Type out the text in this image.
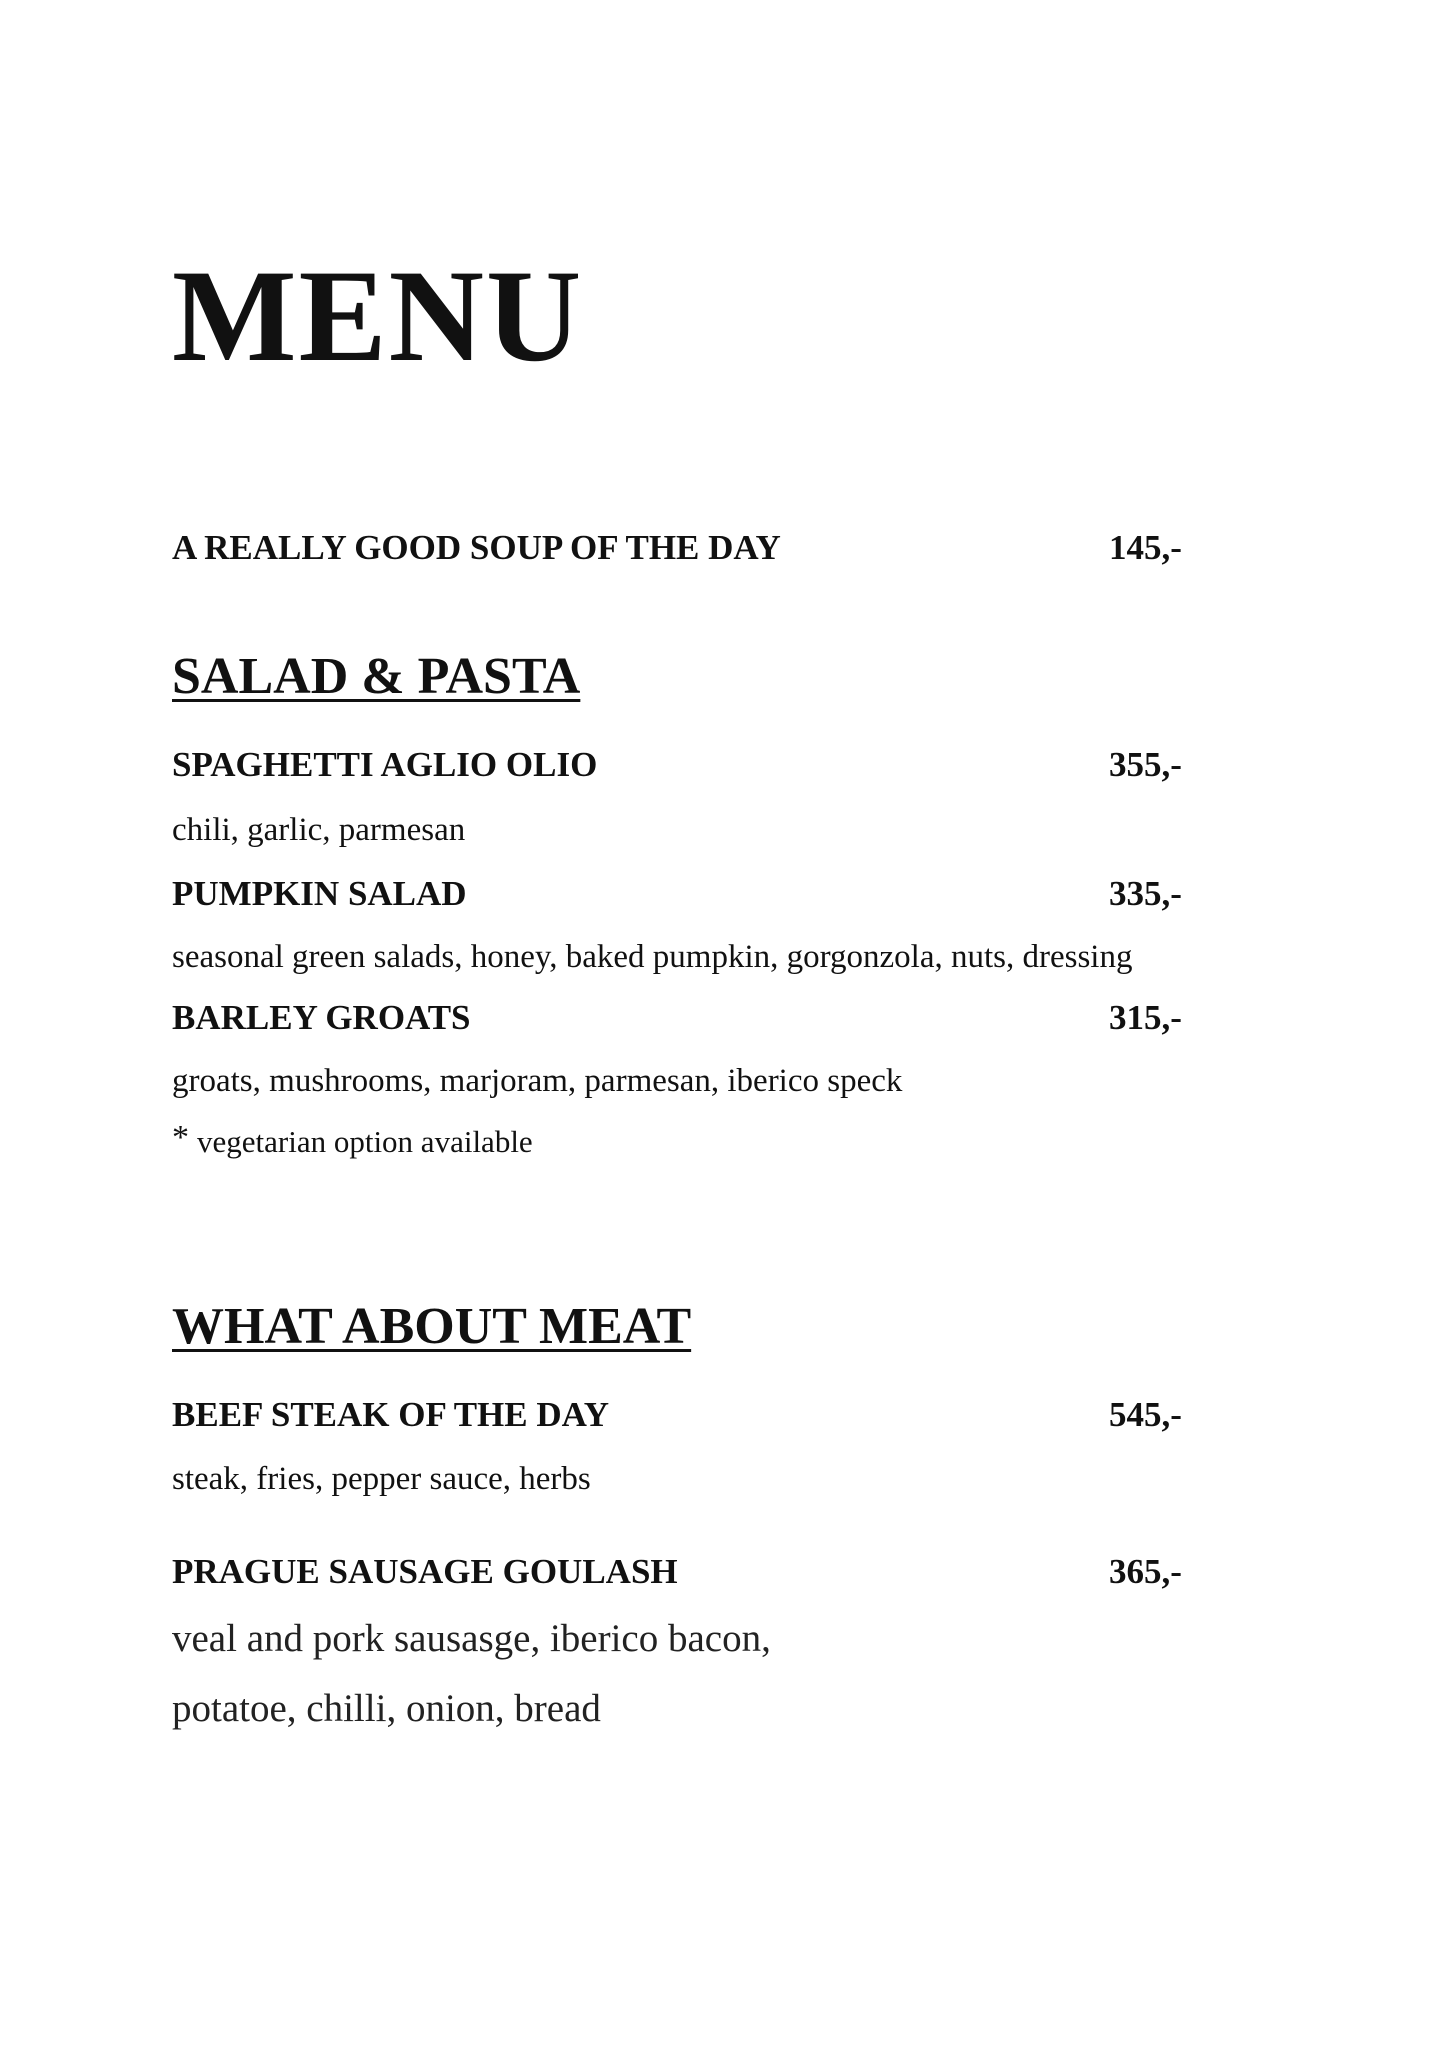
MENU
A REALLY GOOD SOUP OF THE DAY	145,-
SALAD & PASTA
SPAGHETTI AGLIO OLIO	355,-
chili, garlic, parmesan
PUMPKIN SALAD	335,-
seasonal green salads, honey, baked pumpkin, gorgonzola, nuts, dressing
BARLEY GROATS	315,-
groats, mushrooms, marjoram, parmesan, iberico speck
* vegetarian option available
WHAT ABOUT MEAT
BEEF STEAK OF THE DAY	545,-
steak, fries, pepper sauce, herbs
PRAGUE SAUSAGE GOULASH	365,-
veal and pork sausasge, iberico bacon,
potatoe, chilli, onion, bread
